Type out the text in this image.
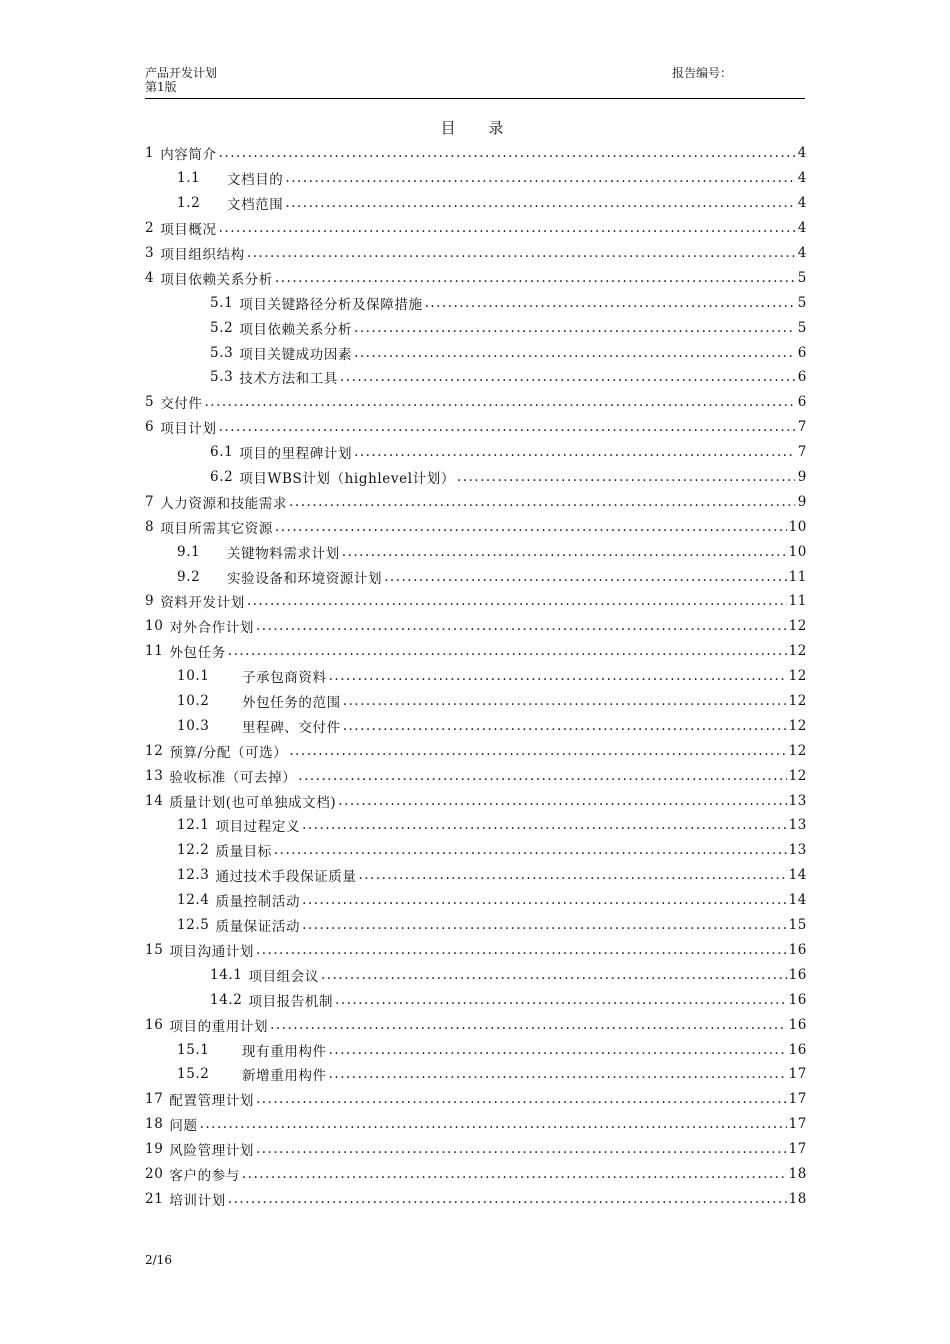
产品开发计划
第1版
报告编号：
目 录
1 内容简介 .....	4
1.1	文档目的 .....	4
1.2	文档范围 .....	4
2 项目概况 .....	4
3 项目组织结构 .....	4
4 项目依赖关系分析 .....	5
5.1 项目关键路径分析及保障措施 .....	5
5.2 项目依赖关系分析 .....	5
5.3 项目关键成功因素 .....	6
5.3 技术方法和工具 .....	6
5 交付件 .....	6
6 项目计划 .....	7
6.1 项目的里程碑计划 .....	7
6.2 项目WBS计划（highlevel计划） .....	9
7 人力资源和技能需求 .....	9
8 项目所需其它资源 .....	10
9.1	关键物料需求计划 .....	10
9.2	实验设备和环境资源计划 .....	11
9 资料开发计划 .....	11
10 对外合作计划 .....	12
11 外包任务 .....	12
10.1	子承包商资料 .....	12
10.2	外包任务的范围 .....	12
10.3	里程碑、交付件 .....	12
12 预算/分配（可选） .....	12
13 验收标准（可去掉） .....	12
14 质量计划(也可单独成文档) .....	13
12.1 项目过程定义 .....	13
12.2 质量目标 .....	13
12.3 通过技术手段保证质量 .....	14
12.4 质量控制活动 .....	14
12.5 质量保证活动 .....	15
15 项目沟通计划 .....	16
14.1 项目组会议 .....	16
14.2 项目报告机制 .....	16
16 项目的重用计划 .....	16
15.1	现有重用构件 .....	16
15.2	新增重用构件 .....	17
17 配置管理计划 .....	17
18 问题 .....	17
19 风险管理计划 .....	17
20 客户的参与 .....	18
21 培训计划 .....	18
2/16
